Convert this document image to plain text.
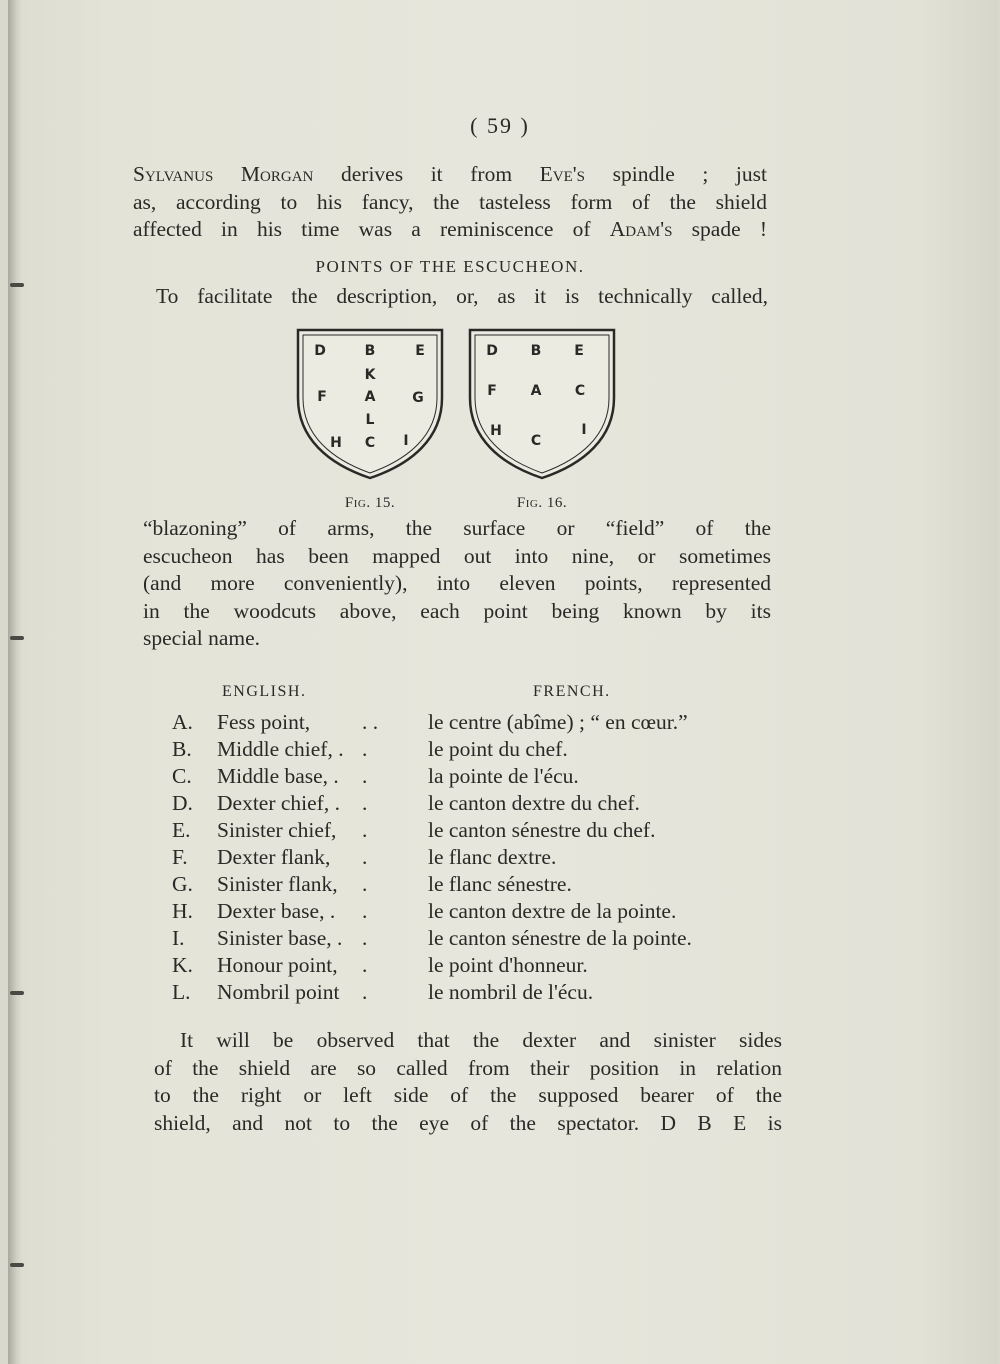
( 59 )
Sylvanus Morgan derives it from Eve's spindle ; just
as, according to his fancy, the tasteless form of the shield
affected in his time was a reminiscence of Adam's spade !
POINTS OF THE ESCUCHEON.
To facilitate the description, or, as it is technically called,
D	B	E
K
F	A	G
L
H C I
Fig. 15.
D B E
F A C
H
C
I
Fig. 16.
“blazoning” of arms, the surface or “field” of the
escucheon has been mapped out into nine, or sometimes
(and more conveniently), into eleven points, represented
in the woodcuts above, each point being known by its
special name.
ENGLISH.	FRENCH.
A.	Fess point, . . le centre (abîme) ; “ en cœur.”
B.	Middle chief, . .	le point du chef.
C.	Middle base, . .	la pointe de l'écu.
D.	Dexter chief, . .	le canton dextre du chef.
E.	Sinister chief, .	le canton sénestre du chef.
F.	Dexter flank, .	le flanc dextre.
G.	Sinister flank, .	le flanc sénestre.
H.	Dexter base, . .	le canton dextre de la pointe.
I.	Sinister base, . .	le canton sénestre de la pointe.
K.	Honour point, .	le point d'honneur.
L.	Nombril point .	le nombril de l'écu.
It will be observed that the dexter and sinister sides
of the shield are so called from their position in relation
to the right or left side of the supposed bearer of the
shield, and not to the eye of the spectator. D B E is
